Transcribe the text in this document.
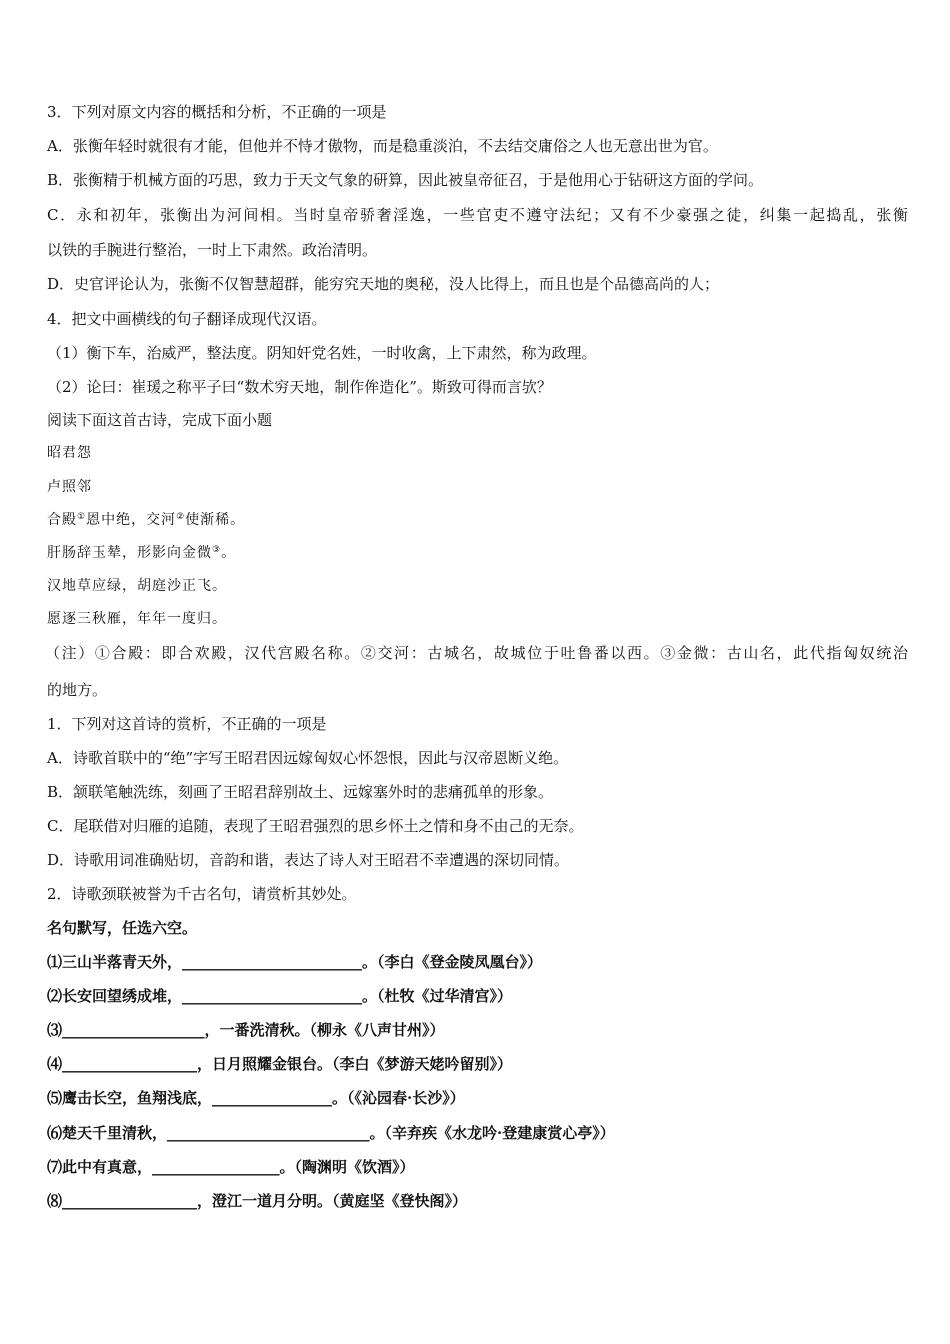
3．下列对原文内容的概括和分析，不正确的一项是
A．张衡年轻时就很有才能，但他并不恃才傲物，而是稳重淡泊，不去结交庸俗之人也无意出世为官。
B．张衡精于机械方面的巧思，致力于天文气象的研算，因此被皇帝征召，于是他用心于钻研这方面的学问。
C．永和初年，张衡出为河间相。当时皇帝骄奢淫逸，一些官吏不遵守法纪；又有不少豪强之徒，纠集一起捣乱，张衡
以铁的手腕进行整治，一时上下肃然。政治清明。
D．史官评论认为，张衡不仅智慧超群，能穷究天地的奥秘，没人比得上，而且也是个品德高尚的人；
4．把文中画横线的句子翻译成现代汉语。
（1）衡下车，治威严，整法度。阴知奸党名姓，一时收禽，上下肃然，称为政理。
（2）论曰：崔瑗之称平子曰“数术穷天地，制作侔造化”。斯致可得而言欤？
阅读下面这首古诗，完成下面小题
昭君怨
卢照邻
合殿①恩中绝，交河②使渐稀。
肝肠辞玉辇，形影向金微③。
汉地草应绿，胡庭沙正飞。
愿逐三秋雁，年年一度归。
（注）①合殿：即合欢殿，汉代宫殿名称。②交河：古城名，故城位于吐鲁番以西。③金微：古山名，此代指匈奴统治
的地方。
1．下列对这首诗的赏析，不正确的一项是
A．诗歌首联中的“绝”字写王昭君因远嫁匈奴心怀怨恨，因此与汉帝恩断义绝。
B．颔联笔触洗练，刻画了王昭君辞别故土、远嫁塞外时的悲痛孤单的形象。
C．尾联借对归雁的追随，表现了王昭君强烈的思乡怀土之情和身不由己的无奈。
D．诗歌用词准确贴切，音韵和谐，表达了诗人对王昭君不幸遭遇的深切同情。
2．诗歌颈联被誉为千古名句，请赏析其妙处。
名句默写，任选六空。
⑴三山半落青天外，________________________。（李白《登金陵凤凰台》）
⑵长安回望绣成堆，________________________。（杜牧《过华清宫》）
⑶___________________，一番洗清秋。（柳永《八声甘州》）
⑷__________________，日月照耀金银台。（李白《梦游天姥吟留别》）
⑸鹰击长空，鱼翔浅底，________________。（《沁园春·长沙》）
⑹楚天千里清秋，___________________________。（辛弃疾《水龙吟·登建康赏心亭》）
⑺此中有真意，_________________。（陶渊明《饮酒》）
⑻__________________，澄江一道月分明。（黄庭坚《登快阁》）
